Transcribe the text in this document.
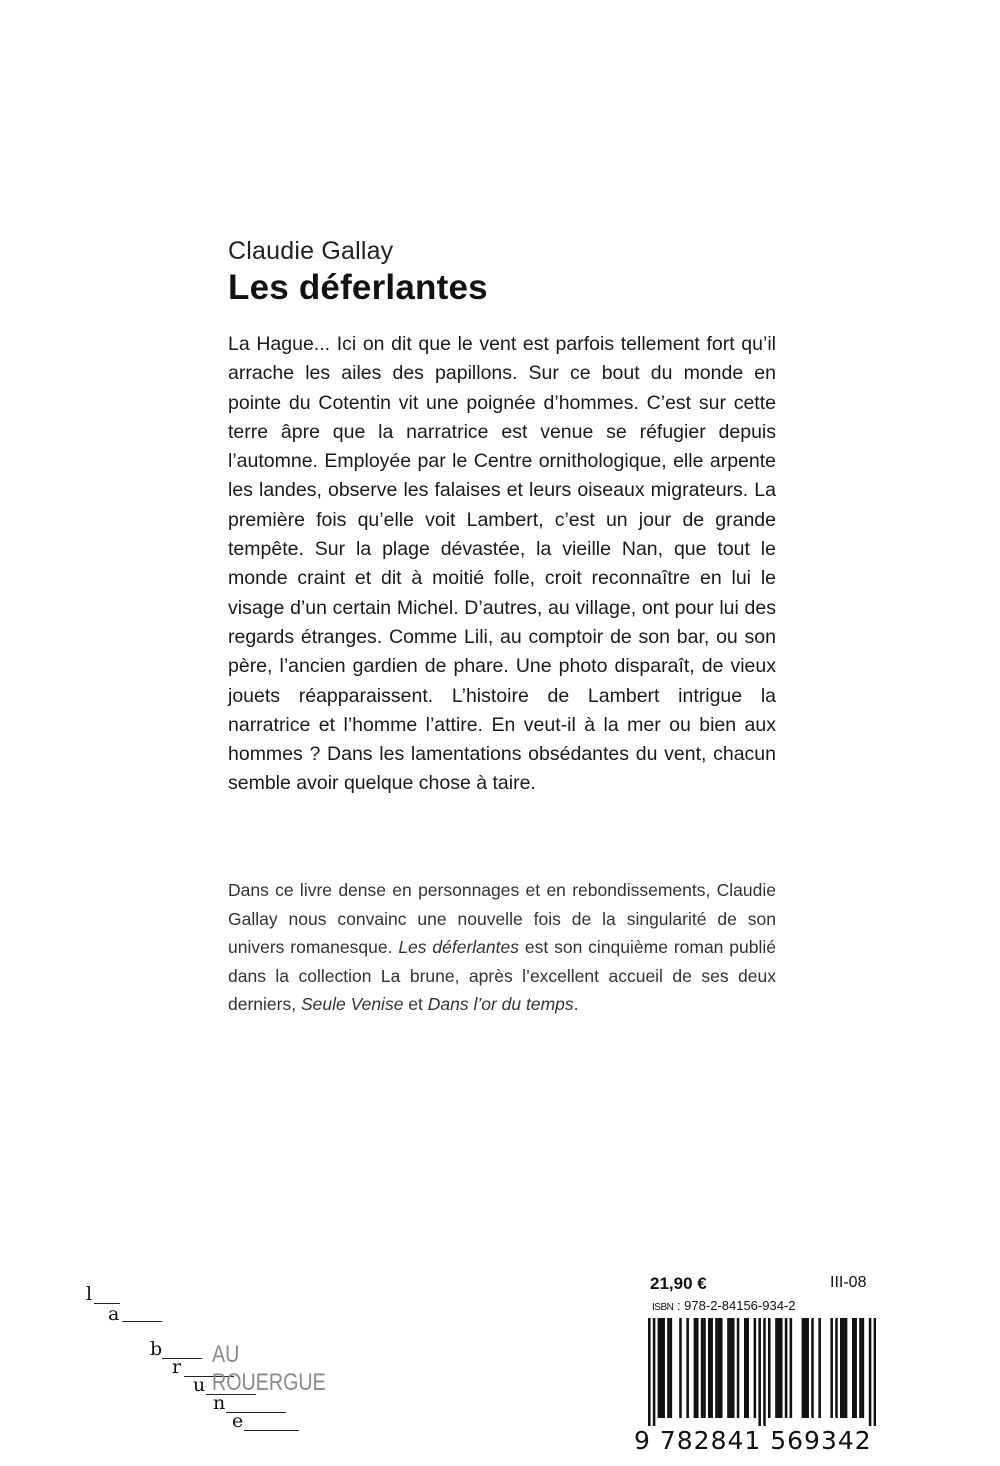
Claudie Gallay
Les déferlantes

La Hague... Ici on dit que le vent est parfois tellement fort qu’il arrache les ailes des papillons. Sur ce bout du monde en pointe du Cotentin vit une poignée d’hommes. C’est sur cette terre âpre que la narratrice est venue se réfugier depuis l’automne. Employée par le Centre ornithologique, elle arpente les landes, observe les falaises et leurs oiseaux migrateurs. La première fois qu’elle voit Lambert, c’est un jour de grande tempête. Sur la plage dévastée, la vieille Nan, que tout le monde craint et dit à moitié folle, croit reconnaître en lui le visage d’un certain Michel. D’autres, au village, ont pour lui des regards étranges. Comme Lili, au comptoir de son bar, ou son père, l’ancien gardien de phare. Une photo disparaît, de vieux jouets réapparaissent. L’histoire de Lambert intrigue la narratrice et l’homme l’attire. En veut-il à la mer ou bien aux hommes ? Dans les lamentations obsédantes du vent, chacun semble avoir quelque chose à taire.

Dans ce livre dense en personnages et en rebondissements, Claudie Gallay nous convainc une nouvelle fois de la singularité de son univers romanesque. Les déferlantes est son cinquième roman publié dans la collection La brune, après l’excellent accueil de ses deux derniers, Seule Venise et Dans l’or du temps.

l
a
b
r
u
n
e
AU ROUERGUE
21,90 €	III-08
ISBN : 978-2-84156-934-2
9 782841 569342
